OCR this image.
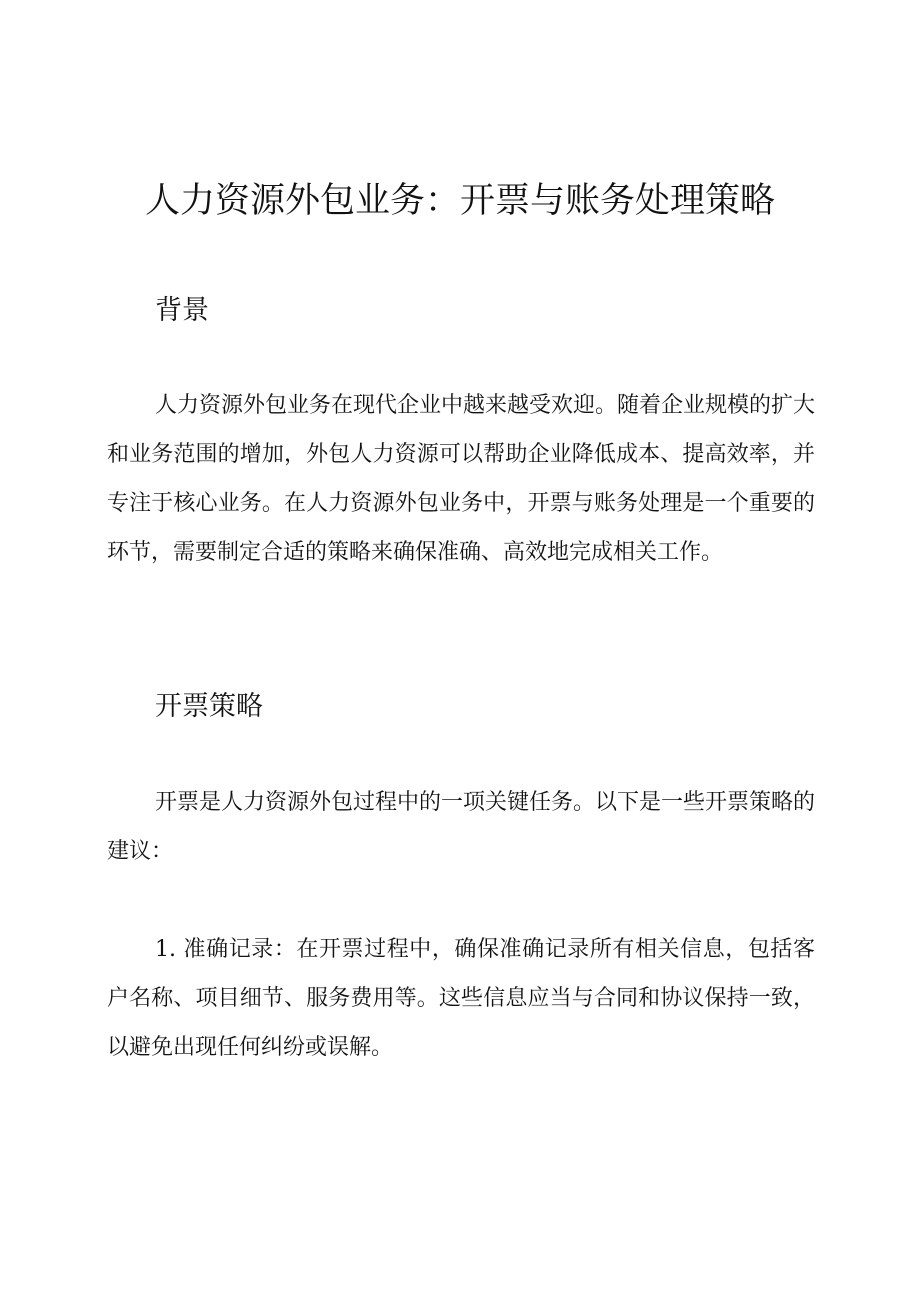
人力资源外包业务：开票与账务处理策略
背景

人力资源外包业务在现代企业中越来越受欢迎。随着企业规模的扩大和业务范围的增加，外包人力资源可以帮助企业降低成本、提高效率，并专注于核心业务。在人力资源外包业务中，开票与账务处理是一个重要的环节，需要制定合适的策略来确保准确、高效地完成相关工作。

开票策略

开票是人力资源外包过程中的一项关键任务。以下是一些开票策略的建议：

1. 准确记录：在开票过程中，确保准确记录所有相关信息，包括客户名称、项目细节、服务费用等。这些信息应当与合同和协议保持一致，以避免出现任何纠纷或误解。
